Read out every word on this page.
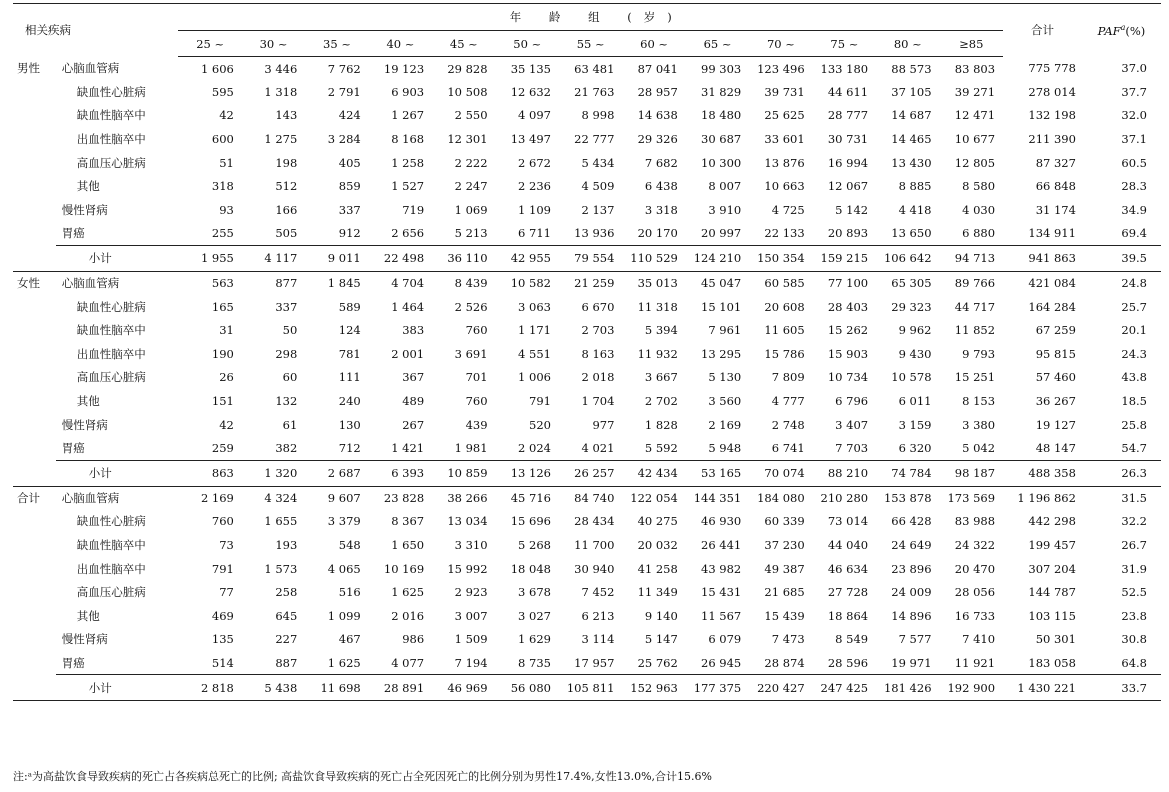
相关疾病		年 龄 组 (岁)													合计	PAF$^a$(%)
		25 ~	30 ~	35 ~	40 ~	45 ~	50 ~	55 ~	60 ~	65 ~	70 ~	75 ~	80 ~	≥85		
男性	心脑血管病	1 606	3 446	7 762	19 123	29 828	35 135	63 481	87 041	99 303	123 496	133 180	88 573	83 803	775 778	37.0
	缺血性心脏病	595	1 318	2 791	6 903	10 508	12 632	21 763	28 957	31 829	39 731	44 611	37 105	39 271	278 014	37.7
	缺血性脑卒中	42	143	424	1 267	2 550	4 097	8 998	14 638	18 480	25 625	28 777	14 687	12 471	132 198	32.0
	出血性脑卒中	600	1 275	3 284	8 168	12 301	13 497	22 777	29 326	30 687	33 601	30 731	14 465	10 677	211 390	37.1
	高血压心脏病	51	198	405	1 258	2 222	2 672	5 434	7 682	10 300	13 876	16 994	13 430	12 805	87 327	60.5
	其他	318	512	859	1 527	2 247	2 236	4 509	6 438	8 007	10 663	12 067	8 885	8 580	66 848	28.3
	慢性肾病	93	166	337	719	1 069	1 109	2 137	3 318	3 910	4 725	5 142	4 418	4 030	31 174	34.9
	胃癌	255	505	912	2 656	5 213	6 711	13 936	20 170	20 997	22 133	20 893	13 650	6 880	134 911	69.4
	小计	1 955	4 117	9 011	22 498	36 110	42 955	79 554	110 529	124 210	150 354	159 215	106 642	94 713	941 863	39.5
女性	心脑血管病	563	877	1 845	4 704	8 439	10 582	21 259	35 013	45 047	60 585	77 100	65 305	89 766	421 084	24.8
	缺血性心脏病	165	337	589	1 464	2 526	3 063	6 670	11 318	15 101	20 608	28 403	29 323	44 717	164 284	25.7
	缺血性脑卒中	31	50	124	383	760	1 171	2 703	5 394	7 961	11 605	15 262	9 962	11 852	67 259	20.1
	出血性脑卒中	190	298	781	2 001	3 691	4 551	8 163	11 932	13 295	15 786	15 903	9 430	9 793	95 815	24.3
	高血压心脏病	26	60	111	367	701	1 006	2 018	3 667	5 130	7 809	10 734	10 578	15 251	57 460	43.8
	其他	151	132	240	489	760	791	1 704	2 702	3 560	4 777	6 796	6 011	8 153	36 267	18.5
	慢性肾病	42	61	130	267	439	520	977	1 828	2 169	2 748	3 407	3 159	3 380	19 127	25.8
	胃癌	259	382	712	1 421	1 981	2 024	4 021	5 592	5 948	6 741	7 703	6 320	5 042	48 147	54.7
	小计	863	1 320	2 687	6 393	10 859	13 126	26 257	42 434	53 165	70 074	88 210	74 784	98 187	488 358	26.3
合计	心脑血管病	2 169	4 324	9 607	23 828	38 266	45 716	84 740	122 054	144 351	184 080	210 280	153 878	173 569	1 196 862	31.5
	缺血性心脏病	760	1 655	3 379	8 367	13 034	15 696	28 434	40 275	46 930	60 339	73 014	66 428	83 988	442 298	32.2
	缺血性脑卒中	73	193	548	1 650	3 310	5 268	11 700	20 032	26 441	37 230	44 040	24 649	24 322	199 457	26.7
	出血性脑卒中	791	1 573	4 065	10 169	15 992	18 048	30 940	41 258	43 982	49 387	46 634	23 896	20 470	307 204	31.9
	高血压心脏病	77	258	516	1 625	2 923	3 678	7 452	11 349	15 431	21 685	27 728	24 009	28 056	144 787	52.5
	其他	469	645	1 099	2 016	3 007	3 027	6 213	9 140	11 567	15 439	18 864	14 896	16 733	103 115	23.8
	慢性肾病	135	227	467	986	1 509	1 629	3 114	5 147	6 079	7 473	8 549	7 577	7 410	50 301	30.8
	胃癌	514	887	1 625	4 077	7 194	8 735	17 957	25 762	26 945	28 874	28 596	19 971	11 921	183 058	64.8
	小计	2 818	5 438	11 698	28 891	46 969	56 080	105 811	152 963	177 375	220 427	247 425	181 426	192 900	1 430 221	33.7
注:ᵃ为高盐饮食导致疾病的死亡占各疾病总死亡的比例; 高盐饮食导致疾病的死亡占全死因死亡的比例分别为男性17.4%,女性13.0%,合计15.6%
